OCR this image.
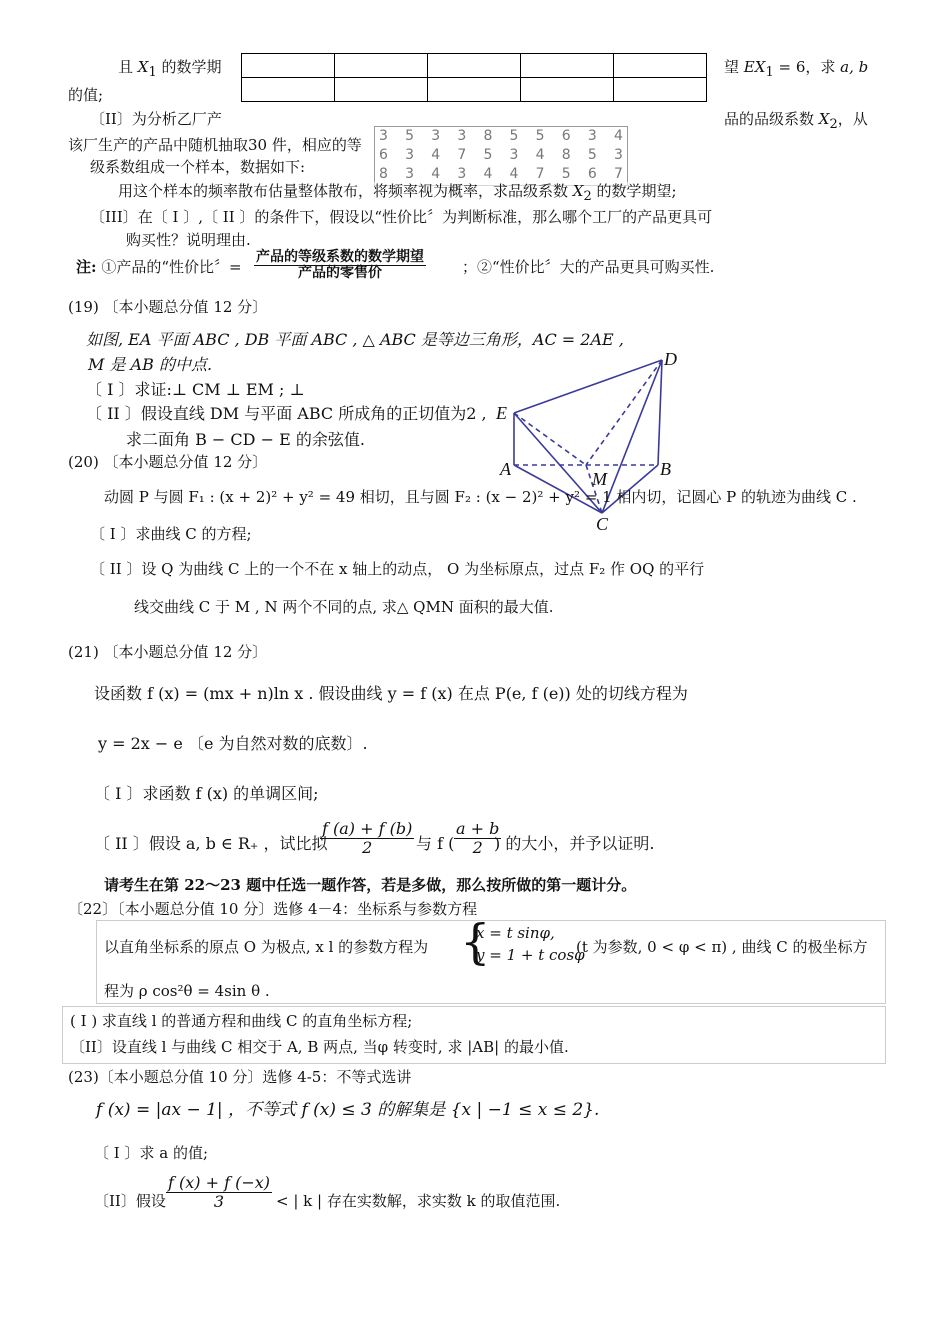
且 $X_1$ 的数学期

					望 $EX_1 = 6$，求 a, b
的值;
〔II〕为分析乙厂产	品的品级系数 $X_2$，从
该厂生产的产品中随机抽取30 件，相应的等 3 5 3 3 8 5 5 6 3 4
6 3 4 7 5 3 4 8 5 3
8 3 4 3 4 4 7 5 6 7
级系数组成一个样本，数据如下:
用这个样本的频率散布估量整体散布，将频率视为概率，求品级系数 $X_2$ 的数学期望;
〔III〕在〔 I 〕,〔 II 〕的条件下，假设以“性价比〞为判断标准，那么哪个工厂的产品更具可
购买性？说明理由.
注: ①产品的“性价比〞=
产品的等级系数的数学期望
产品的零售价	；②“性价比〞大的产品更具可购买性.
(19) 〔本小题总分值 12 分〕
如图, EA 平面 ABC , DB 平面 ABC , △ ABC 是等边三角形，AC = 2AE ,
M 是 AB 的中点.
〔 I 〕求证:⊥ CM ⊥ EM ; ⊥
〔 II 〕假设直线 DM 与平面 ABC 所成角的正切值为2 ,
求二面角 B − CD − E 的余弦值.
D
E
A	M	B
C
(20) 〔本小题总分值 12 分〕
动圆 P 与圆 F₁ : (x + 2)² + y² = 49 相切，且与圆 F₂ : (x − 2)² + y² = 1 相内切，记圆心 P 的轨迹为曲线 C .
〔 I 〕求曲线 C 的方程;
〔 II 〕设 Q 为曲线 C 上的一个不在 x 轴上的动点， O 为坐标原点，过点 F₂ 作 OQ 的平行
线交曲线 C 于 M , N 两个不同的点, 求△ QMN 面积的最大值.
(21) 〔本小题总分值 12 分〕
设函数 f (x) = (mx + n)ln x . 假设曲线 y = f (x) 在点 P(e, f (e)) 处的切线方程为
y = 2x − e 〔e 为自然对数的底数〕.
〔 I 〕求函数 f (x) 的单调区间;
〔 II 〕假设 a, b ∈ R₊ ，试比拟
$\frac{f (a) + f (b)}{2}$ 与 f ( $\frac{a + b}{2}$
) 的大小，并予以证明.
请考生在第 22～23 题中任选一题作答，若是多做，那么按所做的第一题计分。
〔22〕〔本小题总分值 10 分〕选修 4－4：坐标系与参数方程
以直角坐标系的原点 O 为极点, x l 的参数方程为 {
x = t sinφ,
y = 1 + t cosφ
(t 为参数, 0 < φ < π) , 曲线 C 的极坐标方
程为 ρ cos²θ = 4sin θ .
( I ) 求直线 l 的普通方程和曲线 C 的直角坐标方程;
〔II〕设直线 l 与曲线 C 相交于 A, B 两点, 当φ 转变时, 求 |AB| 的最小值.
(23)〔本小题总分值 10 分〕选修 4-5：不等式选讲
f (x) = |ax − 1| ，不等式 f (x) ≤ 3 的解集是 {x | −1 ≤ x ≤ 2}.
〔 I 〕求 a 的值;
〔II〕假设 $\frac{f (x) + f (-x)}{3}$ < | k | 存在实数解，求实数 k 的取值范围.
